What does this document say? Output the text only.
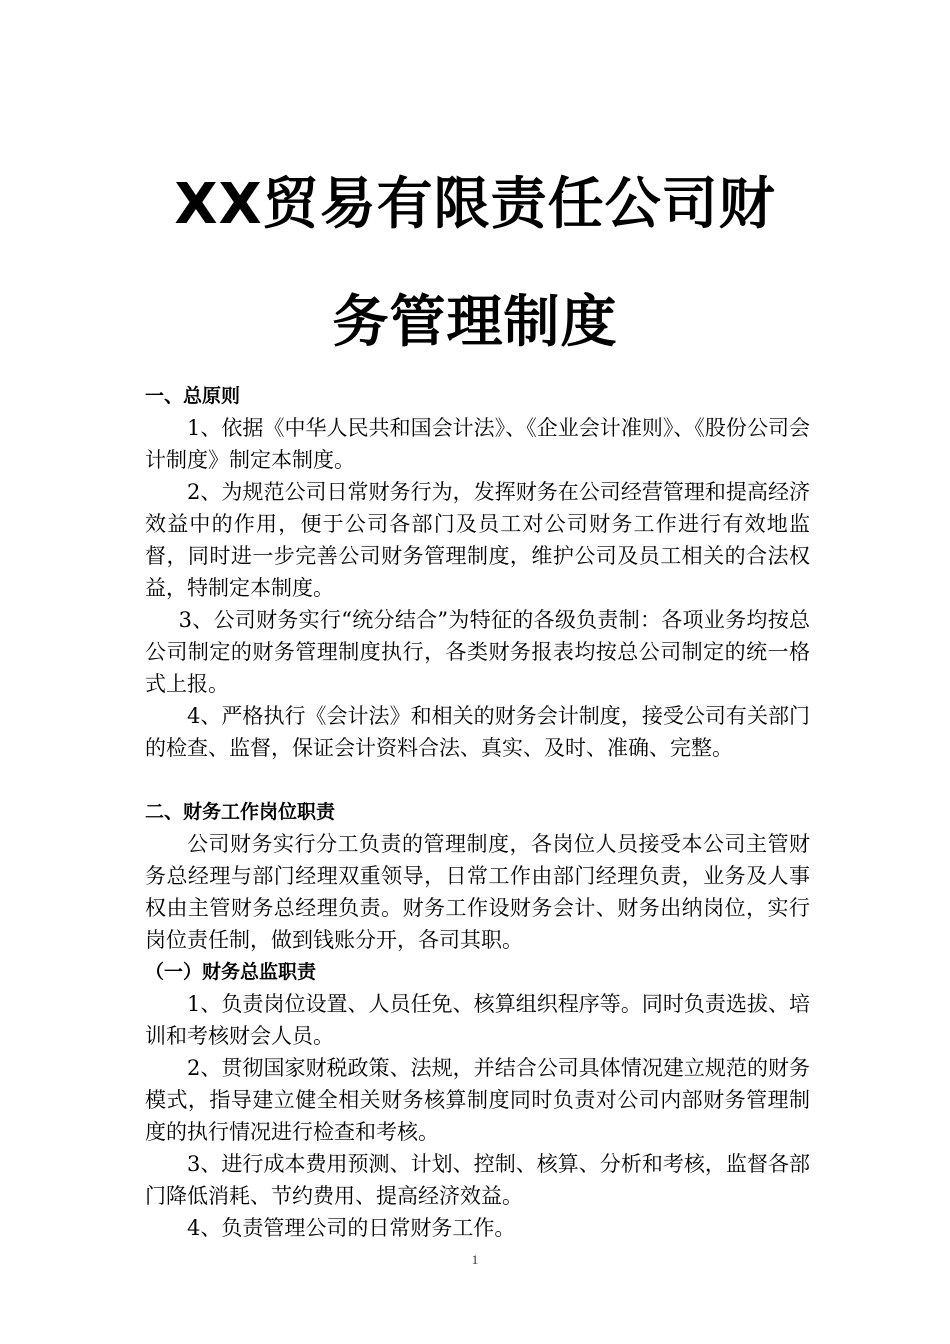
XX贸易有限责任公司财
务管理制度
一、总原则

1、依据《中华人民共和国会计法》、《企业会计准则》、《股份公司会计制度》制定本制度。

2、为规范公司日常财务行为，发挥财务在公司经营管理和提高经济效益中的作用，便于公司各部门及员工对公司财务工作进行有效地监督，同时进一步完善公司财务管理制度，维护公司及员工相关的合法权益，特制定本制度。

3、公司财务实行“统分结合”为特征的各级负责制：各项业务均按总公司制定的财务管理制度执行，各类财务报表均按总公司制定的统一格式上报。

4、严格执行《会计法》和相关的财务会计制度，接受公司有关部门的检查、监督，保证会计资料合法、真实、及时、准确、完整。

二、财务工作岗位职责

公司财务实行分工负责的管理制度，各岗位人员接受本公司主管财务总经理与部门经理双重领导，日常工作由部门经理负责，业务及人事权由主管财务总经理负责。财务工作设财务会计、财务出纳岗位，实行岗位责任制，做到钱账分开，各司其职。

（一）财务总监职责

1、负责岗位设置、人员任免、核算组织程序等。同时负责选拔、培训和考核财会人员。

2、贯彻国家财税政策、法规，并结合公司具体情况建立规范的财务模式，指导建立健全相关财务核算制度同时负责对公司内部财务管理制度的执行情况进行检查和考核。

3、进行成本费用预测、计划、控制、核算、分析和考核，监督各部门降低消耗、节约费用、提高经济效益。

4、负责管理公司的日常财务工作。

1
